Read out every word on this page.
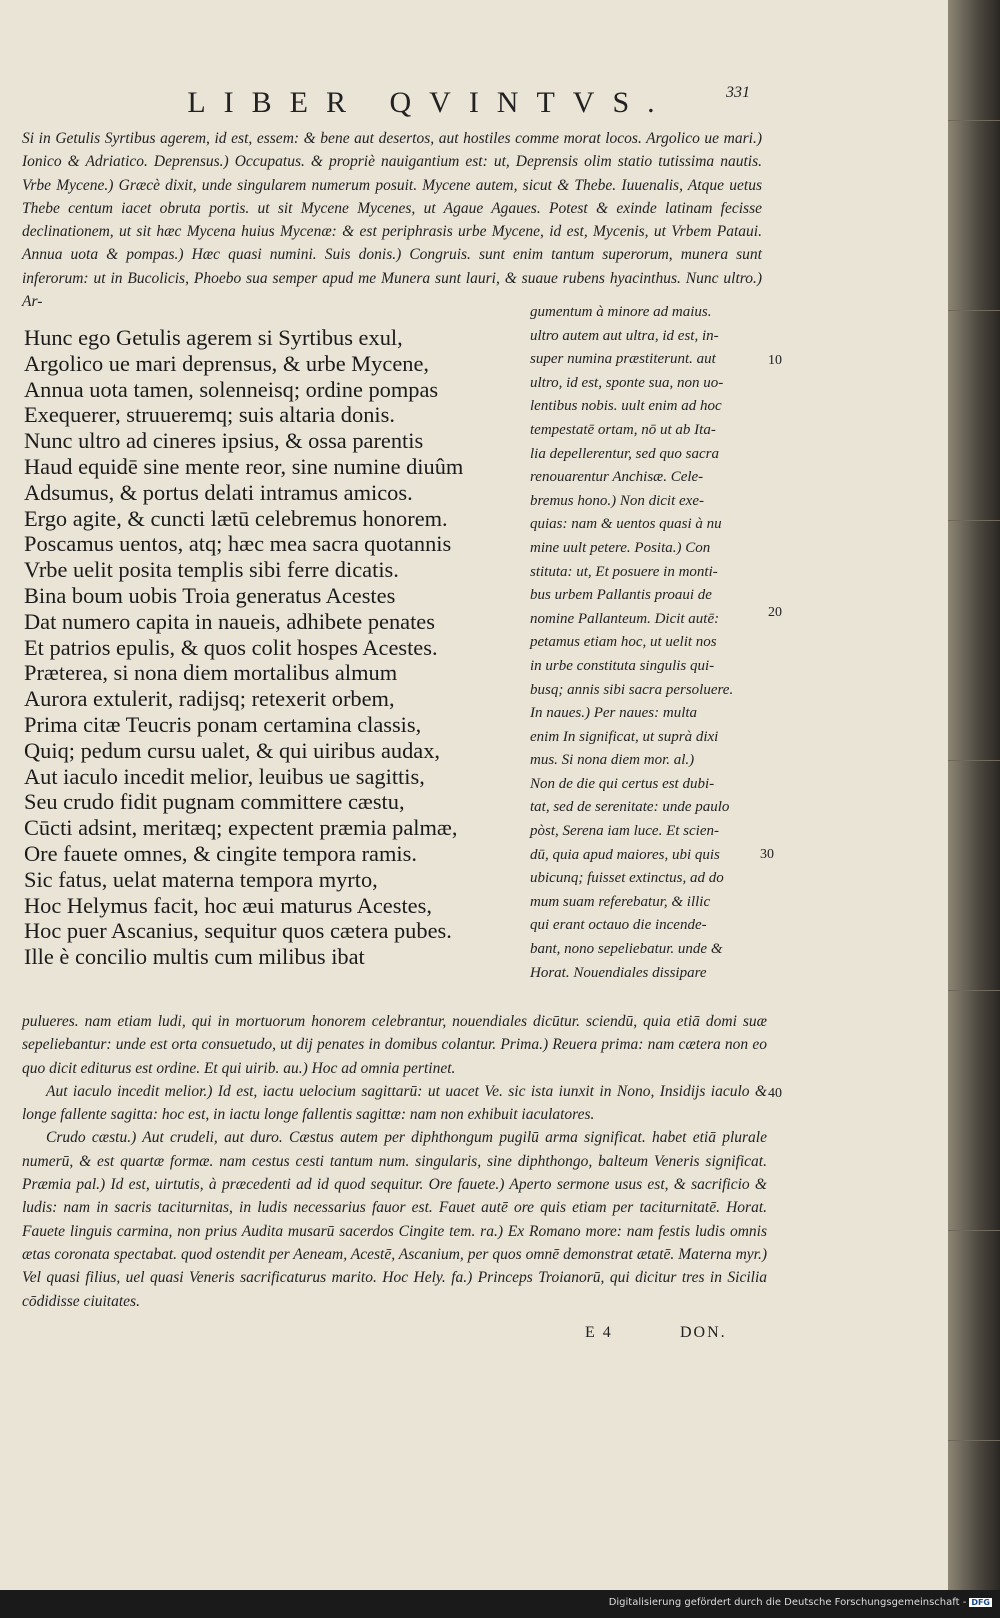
LIBER QVINTVS.	331

Si in Getulis Syrtibus agerem, id est, essem: & bene aut desertos, aut hostiles comme morat locos. Argolico ue mari.) Ionico & Adriatico. Deprensus.) Occupatus. & propriè nauigantium est: ut, Deprensis olim statio tutissima nautis. Vrbe Mycene.) Græcè dixit, unde singularem numerum posuit. Mycene autem, sicut & Thebe. Iuuenalis, Atque uetus Thebe centum iacet obruta portis. ut sit Mycene Mycenes, ut Agaue Agaues. Potest & exinde latinam fecisse declinationem, ut sit hæc Mycena huius Mycenæ: & est periphrasis urbe Mycene, id est, Mycenis, ut Vrbem Pataui. Annua uota & pompas.) Hæc quasi numini. Suis donis.) Congruis. sunt enim tantum superorum, munera sunt inferorum: ut in Bucolicis, Phoebo sua semper apud me Munera sunt lauri, & suaue rubens hyacinthus. Nunc ultro.) Ar-

Hunc ego Getulis agerem si Syrtibus exul,
Argolico ue mari deprensus, & urbe Mycene,
Annua uota tamen, solenneisq; ordine pompas
Exequerer, struueremq; suis altaria donis.
Nunc ultro ad cineres ipsius, & ossa parentis
Haud equidē sine mente reor, sine numine diuûm
Adsumus, & portus delati intramus amicos.
Ergo agite, & cuncti lætū celebremus honorem.
Poscamus uentos, atq; hæc mea sacra quotannis
Vrbe uelit posita templis sibi ferre dicatis.
Bina boum uobis Troia generatus Acestes
Dat numero capita in naueis, adhibete penates
Et patrios epulis, & quos colit hospes Acestes.
Præterea, si nona diem mortalibus almum
Aurora extulerit, radijsq; retexerit orbem,
Prima citæ Teucris ponam certamina classis,
Quiq; pedum cursu ualet, & qui uiribus audax,
Aut iaculo incedit melior, leuibus ue sagittis,
Seu crudo fidit pugnam committere cæstu,
Cūcti adsint, meritæq; expectent præmia palmæ,
Ore fauete omnes, & cingite tempora ramis.
Sic fatus, uelat materna tempora myrto,
Hoc Helymus facit, hoc æui maturus Acestes,
Hoc puer Ascanius, sequitur quos cætera pubes.
Ille è concilio multis cum milibus ibat
gumentum à minore ad maius.
ultro autem aut ultra, id est, in-
super numina præstiterunt. aut
ultro, id est, sponte sua, non uo-
lentibus nobis. uult enim ad hoc
tempestatē ortam, nō ut ab Ita-
lia depellerentur, sed quo sacra
renouarentur Anchisæ. Cele-
bremus hono.) Non dicit exe-
quias: nam & uentos quasi à nu
mine uult petere. Posita.) Con
stituta: ut, Et posuere in monti-
bus urbem Pallantis proaui de
nomine Pallanteum. Dicit autē:
petamus etiam hoc, ut uelit nos
in urbe constituta singulis qui-
busq; annis sibi sacra persoluere.
In naues.) Per naues: multa
enim In significat, ut suprà dixi
mus. Si nona diem mor. al.)
Non de die qui certus est dubi-
tat, sed de serenitate: unde paulo
pòst, Serena iam luce. Et scien-
dū, quia apud maiores, ubi quis
ubicunq; fuisset extinctus, ad do
mum suam referebatur, & illic
qui erant octauo die incende-
bant, nono sepeliebatur. unde &
Horat. Nouendiales dissipare
10
20
30
40

pulueres. nam etiam ludi, qui in mortuorum honorem celebrantur, nouendiales dicūtur. sciendū, quia etiā domi suæ sepeliebantur: unde est orta consuetudo, ut dij penates in domibus colantur. Prima.) Reuera prima: nam cætera non eo quo dicit editurus est ordine. Et qui uirib. au.) Hoc ad omnia pertinet.

Aut iaculo incedit melior.) Id est, iactu uelocium sagittarū: ut uacet Ve. sic ista iunxit in Nono, Insidijs iaculo & longe fallente sagitta: hoc est, in iactu longe fallentis sagittæ: nam non exhibuit iaculatores.

Crudo cæstu.) Aut crudeli, aut duro. Cæstus autem per diphthongum pugilū arma significat. habet etiā plurale numerū, & est quartæ formæ. nam cestus cesti tantum num. singularis, sine diphthongo, balteum Veneris significat. Præmia pal.) Id est, uirtutis, à præcedenti ad id quod sequitur. Ore fauete.) Aperto sermone usus est, & sacrificio & ludis: nam in sacris taciturnitas, in ludis necessarius fauor est. Fauet autē ore quis etiam per taciturnitatē. Horat. Fauete linguis carmina, non prius Audita musarū sacerdos Cingite tem. ra.) Ex Romano more: nam festis ludis omnis ætas coronata spectabat. quod ostendit per Aeneam, Acestē, Ascanium, per quos omnē demonstrat ætatē. Materna myr.) Vel quasi filius, uel quasi Veneris sacrificaturus marito. Hoc Hely. fa.) Princeps Troianorū, qui dicitur tres in Sicilia cōdidisse ciuitates.

E 4	DON.
Digitalisierung gefördert durch die Deutsche Forschungsgemeinschaft - DFG
